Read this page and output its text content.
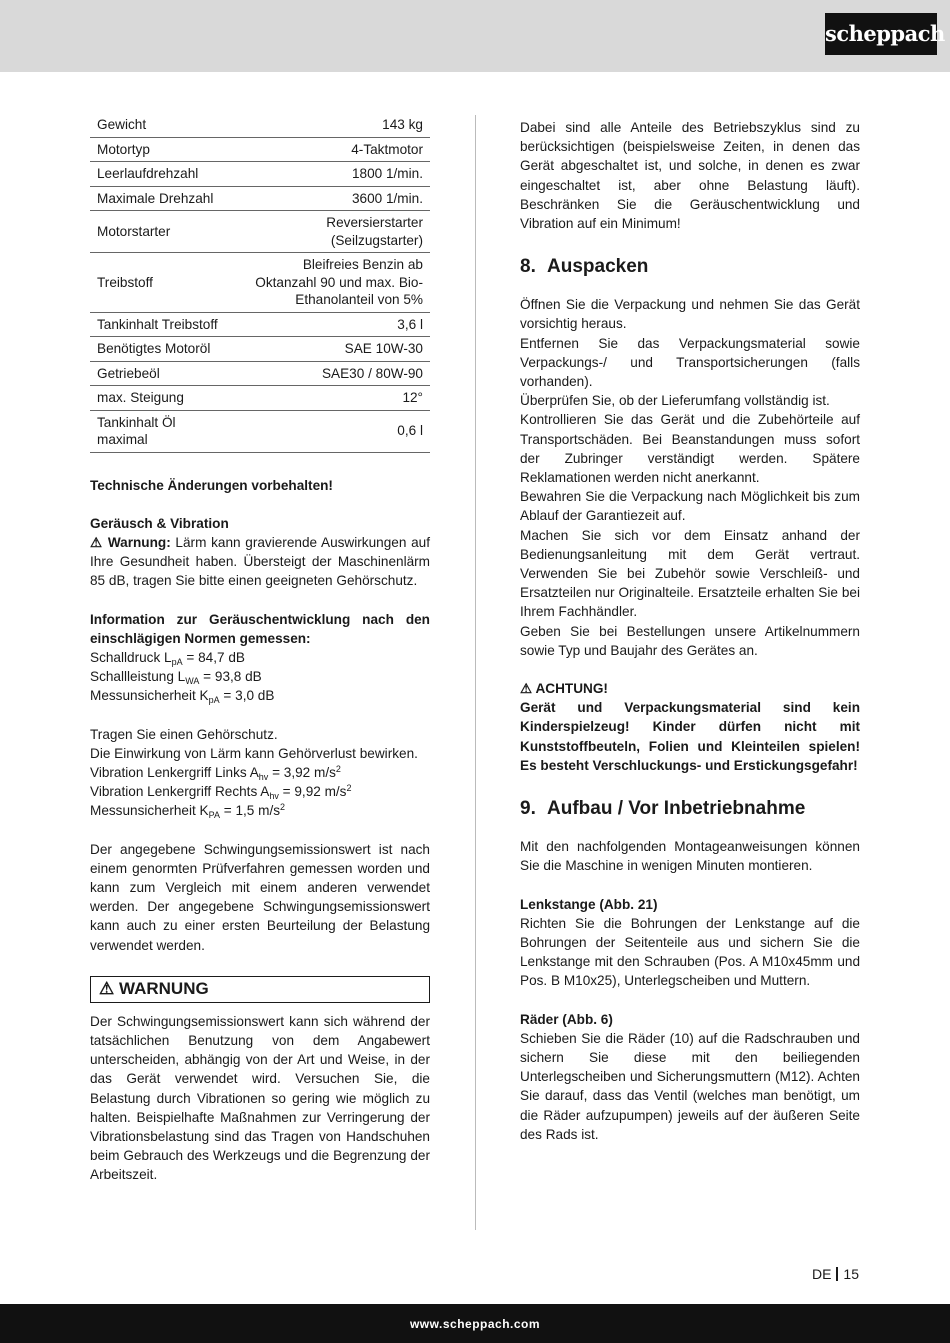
scheppach
Gewicht	143 kg
Motortyp	4-Taktmotor
Leerlaufdrehzahl	1800 1/min.
Maximale Drehzahl	3600 1/min.
Motorstarter	Reversierstarter
(Seilzugstarter)
Treibstoff	Bleifreies Benzin ab
Oktanzahl 90 und max. Bio-
Ethanolanteil von 5%
Tankinhalt Treibstoff	3,6 l
Benötigtes Motoröl	SAE 10W-30
Getriebeöl	SAE30 / 80W-90
max. Steigung	12°
Tankinhalt Öl
maximal	0,6 l

Technische Änderungen vorbehalten!

Geräusch & Vibration

⚠ Warnung: Lärm kann gravierende Auswirkungen auf Ihre Gesundheit haben. Übersteigt der Maschinenlärm 85 dB, tragen Sie bitte einen geeigneten Gehörschutz.

Information zur Geräuschentwicklung nach den einschlägigen Normen gemessen:

Schalldruck $L_{pA} = 84,7$ dB

Schallleistung $L_{WA} = 93,8$ dB

Messunsicherheit $K_{pA} = 3,0$ dB

Tragen Sie einen Gehörschutz.

Die Einwirkung von Lärm kann Gehörverlust bewirken.

Vibration Lenkergriff Links $A_{hv} = 3,92$ $m/s^2$

Vibration Lenkergriff Rechts $A_{hv} = 9,92$ $m/s^2$

Messunsicherheit $K_{PA} = 1,5$ $m/s^2$

Der angegebene Schwingungsemissionswert ist nach einem genormten Prüfverfahren gemessen worden und kann zum Vergleich mit einem anderen verwendet werden. Der angegebene Schwingungsemissionswert kann auch zu einer ersten Beurteilung der Belastung verwendet werden.

⚠ WARNUNG

Der Schwingungsemissionswert kann sich während der tatsächlichen Benutzung von dem Angabewert unterscheiden, abhängig von der Art und Weise, in der das Gerät verwendet wird. Versuchen Sie, die Belastung durch Vibrationen so gering wie möglich zu halten. Beispielhafte Maßnahmen zur Verringerung der Vibrationsbelastung sind das Tragen von Handschuhen beim Gebrauch des Werkzeugs und die Begrenzung der Arbeitszeit.

Dabei sind alle Anteile des Betriebszyklus sind zu berücksichtigen (beispielsweise Zeiten, in denen das Gerät abgeschaltet ist, und solche, in denen es zwar eingeschaltet ist, aber ohne Belastung läuft). Beschränken Sie die Geräuschentwicklung und Vibration auf ein Minimum!

8. Auspacken

Öffnen Sie die Verpackung und nehmen Sie das Gerät vorsichtig heraus.

Entfernen Sie das Verpackungsmaterial sowie Verpackungs-/ und Transportsicherungen (falls vorhanden).

Überprüfen Sie, ob der Lieferumfang vollständig ist.

Kontrollieren Sie das Gerät und die Zubehörteile auf Transportschäden. Bei Beanstandungen muss sofort der Zubringer verständigt werden. Spätere Reklamationen werden nicht anerkannt.

Bewahren Sie die Verpackung nach Möglichkeit bis zum Ablauf der Garantiezeit auf.

Machen Sie sich vor dem Einsatz anhand der Bedienungsanleitung mit dem Gerät vertraut. Verwenden Sie bei Zubehör sowie Verschleiß- und Ersatzteilen nur Originalteile. Ersatzteile erhalten Sie bei Ihrem Fachhändler.

Geben Sie bei Bestellungen unsere Artikelnummern sowie Typ und Baujahr des Gerätes an.

⚠ ACHTUNG!

Gerät und Verpackungsmaterial sind kein Kinderspielzeug! Kinder dürfen nicht mit Kunststoffbeuteln, Folien und Kleinteilen spielen! Es besteht Verschluckungs- und Erstickungsgefahr!

9. Aufbau / Vor Inbetriebnahme

Mit den nachfolgenden Montageanweisungen können Sie die Maschine in wenigen Minuten montieren.

Lenkstange (Abb. 21)

Richten Sie die Bohrungen der Lenkstange auf die Bohrungen der Seitenteile aus und sichern Sie die Lenkstange mit den Schrauben (Pos. A M10x45mm und Pos. B M10x25), Unterlegscheiben und Muttern.

Räder (Abb. 6)

Schieben Sie die Räder (10) auf die Radschrauben und sichern Sie diese mit den beiliegenden Unterlegscheiben und Sicherungsmuttern (M12). Achten Sie darauf, dass das Ventil (welches man benötigt, um die Räder aufzupumpen) jeweils auf der äußeren Seite des Rads ist.

DE 15
www.scheppach.com
